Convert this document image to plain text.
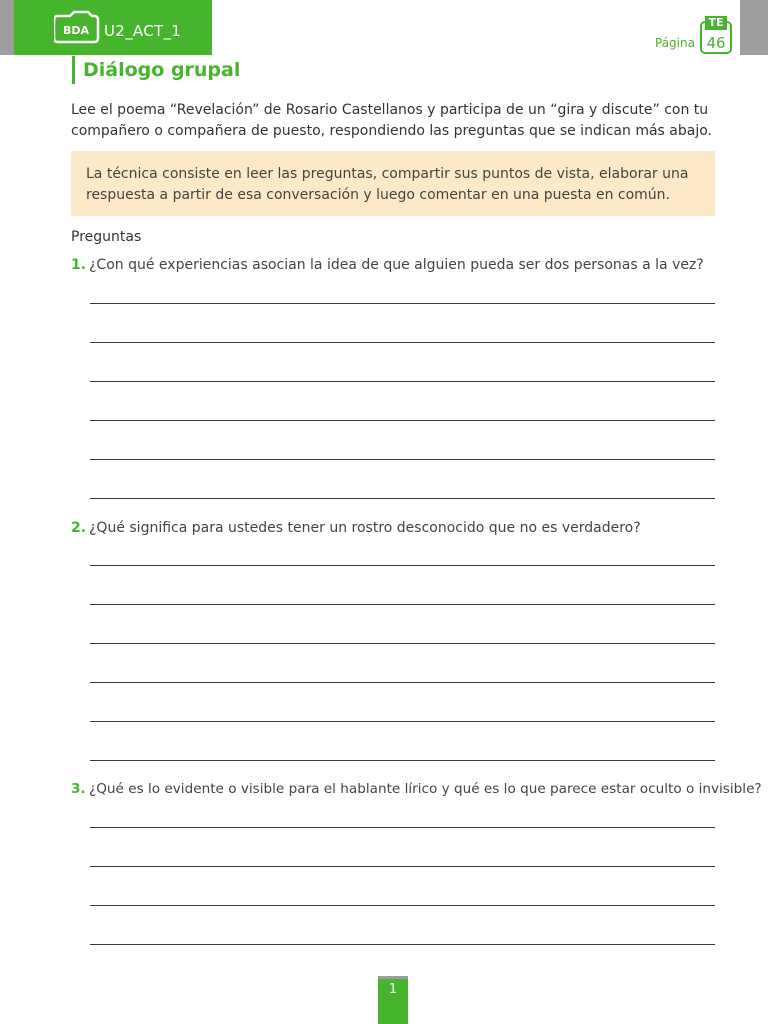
BDA U2_ACT_1
Página
TE
46
Diálogo grupal
Lee el poema “Revelación” de Rosario Castellanos y participa de un “gira y discute” con tu compañero o compañera de puesto, respondiendo las preguntas que se indican más abajo.
La técnica consiste en leer las preguntas, compartir sus puntos de vista, elaborar una respuesta a partir de esa conversación y luego comentar en una puesta en común.
Preguntas
1. ¿Con qué experiencias asocian la idea de que alguien pueda ser dos personas a la vez?
2. ¿Qué significa para ustedes tener un rostro desconocido que no es verdadero?
3. ¿Qué es lo evidente o visible para el hablante lírico y qué es lo que parece estar oculto o invisible?
1
